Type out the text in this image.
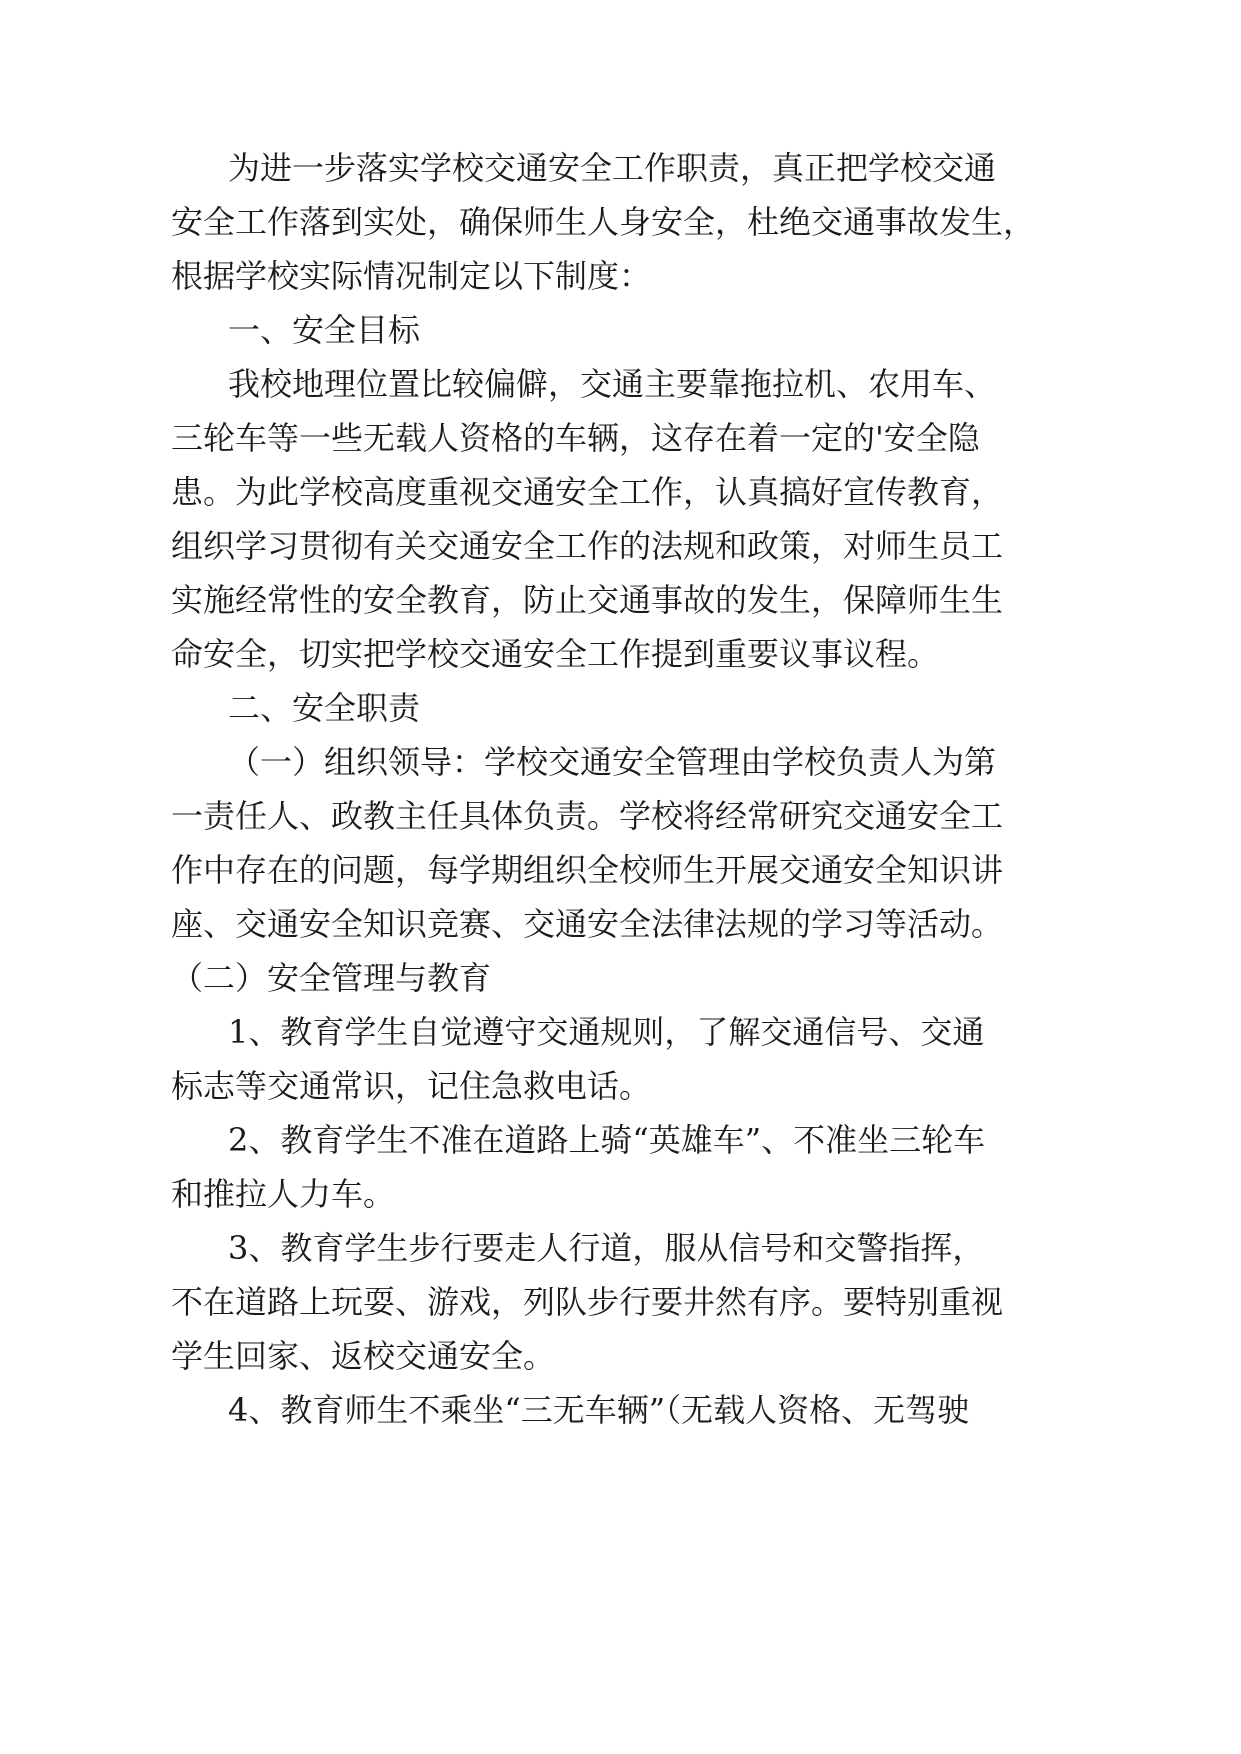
为进一步落实学校交通安全工作职责，真正把学校交通
安全工作落到实处，确保师生人身安全，杜绝交通事故发生，
根据学校实际情况制定以下制度：
一、安全目标
我校地理位置比较偏僻，交通主要靠拖拉机、农用车、
三轮车等一些无载人资格的车辆，这存在着一定的'安全隐
患。为此学校高度重视交通安全工作，认真搞好宣传教育，
组织学习贯彻有关交通安全工作的法规和政策，对师生员工
实施经常性的安全教育，防止交通事故的发生，保障师生生
命安全，切实把学校交通安全工作提到重要议事议程。
二、安全职责
（一）组织领导：学校交通安全管理由学校负责人为第
一责任人、政教主任具体负责。学校将经常研究交通安全工
作中存在的问题，每学期组织全校师生开展交通安全知识讲
座、交通安全知识竞赛、交通安全法律法规的学习等活动。
（二）安全管理与教育
1、教育学生自觉遵守交通规则，了解交通信号、交通
标志等交通常识，记住急救电话。
2、教育学生不准在道路上骑“英雄车”、不准坐三轮车
和推拉人力车。
3、教育学生步行要走人行道，服从信号和交警指挥，
不在道路上玩耍、游戏，列队步行要井然有序。要特别重视
学生回家、返校交通安全。
4、教育师生不乘坐“三无车辆”（无载人资格、无驾驶
